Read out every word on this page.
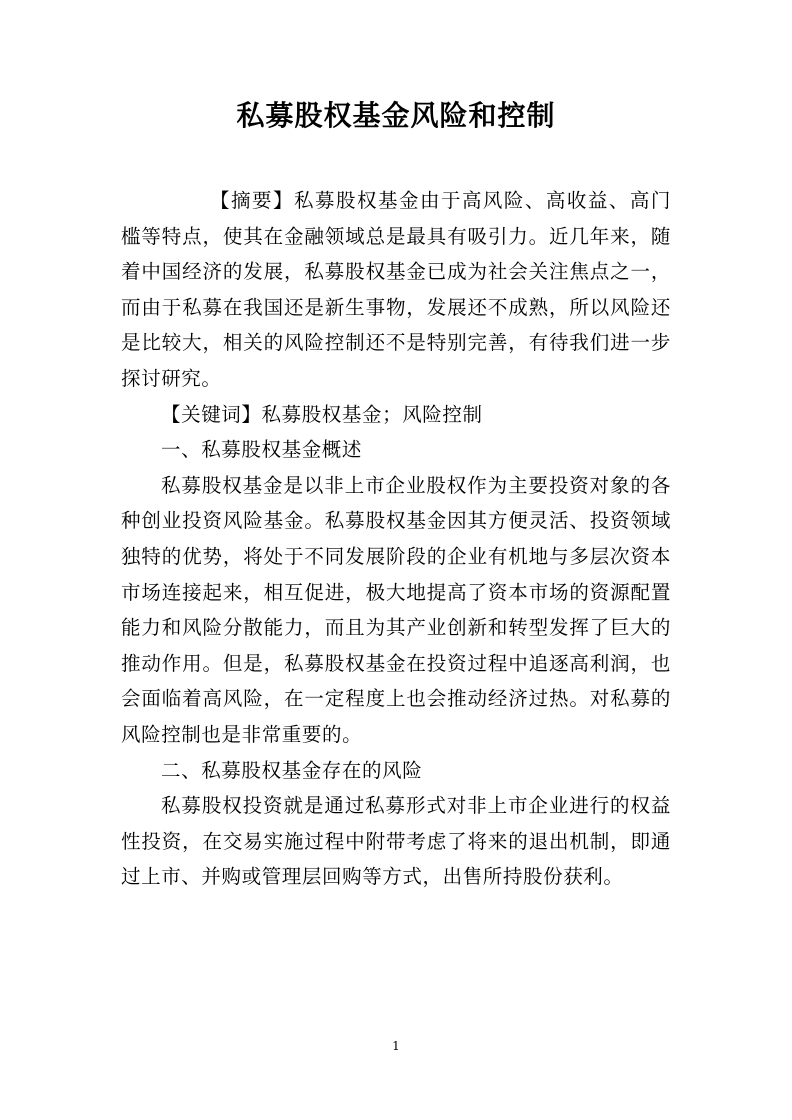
私募股权基金风险和控制

【摘要】私募股权基金由于高风险、高收益、高门槛等特点，使其在金融领域总是最具有吸引力。近几年来，随着中国经济的发展，私募股权基金已成为社会关注焦点之一，而由于私募在我国还是新生事物，发展还不成熟，所以风险还是比较大，相关的风险控制还不是特别完善，有待我们进一步探讨研究。

【关键词】私募股权基金；风险控制

一、私募股权基金概述

私募股权基金是以非上市企业股权作为主要投资对象的各种创业投资风险基金。私募股权基金因其方便灵活、投资领域独特的优势，将处于不同发展阶段的企业有机地与多层次资本市场连接起来，相互促进，极大地提高了资本市场的资源配置能力和风险分散能力，而且为其产业创新和转型发挥了巨大的推动作用。但是，私募股权基金在投资过程中追逐高利润，也会面临着高风险，在一定程度上也会推动经济过热。对私募的风险控制也是非常重要的。

二、私募股权基金存在的风险

私募股权投资就是通过私募形式对非上市企业进行的权益性投资，在交易实施过程中附带考虑了将来的退出机制，即通过上市、并购或管理层回购等方式，出售所持股份获利。

1
